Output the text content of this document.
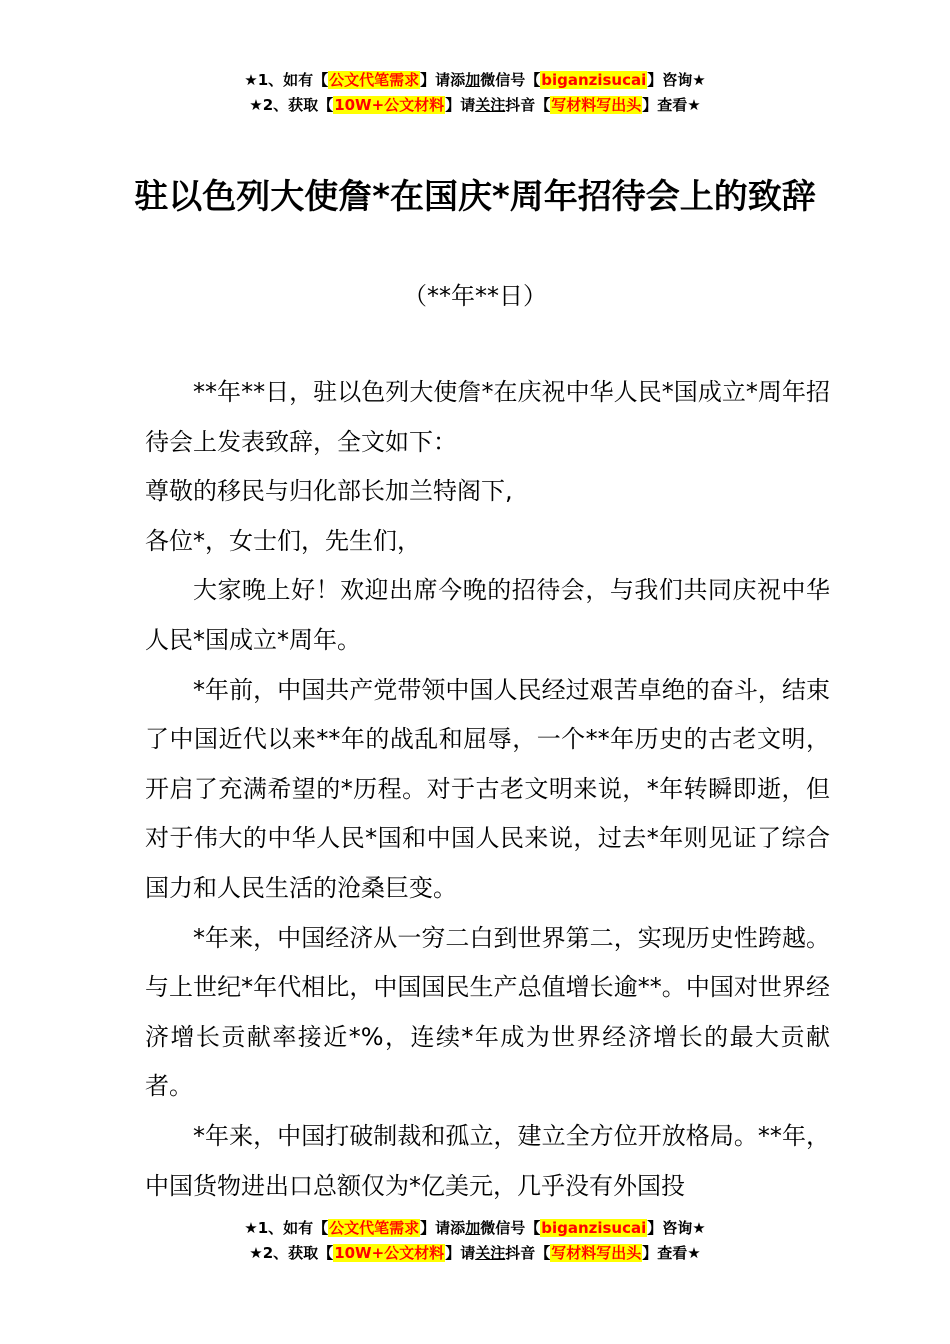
★1、如有【公文代笔需求】请添加微信号【biganzisucai】咨询★
★2、获取【10W+公文材料】请关注抖音【写材料写出头】查看★
驻以色列大使詹*在国庆*周年招待会上的致辞
（**年**日）

**年**日，驻以色列大使詹*在庆祝中华人民*国成立*周年招待会上发表致辞，全文如下：

尊敬的移民与归化部长加兰特阁下,

各位*，女士们，先生们，

大家晚上好！欢迎出席今晚的招待会，与我们共同庆祝中华人民*国成立*周年。

*年前，中国共产党带领中国人民经过艰苦卓绝的奋斗，结束了中国近代以来**年的战乱和屈辱，一个**年历史的古老文明，开启了充满希望的*历程。对于古老文明来说，*年转瞬即逝，但对于伟大的中华人民*国和中国人民来说，过去*年则见证了综合国力和人民生活的沧桑巨变。

*年来，中国经济从一穷二白到世界第二，实现历史性跨越。与上世纪*年代相比，中国国民生产总值增长逾**。中国对世界经济增长贡献率接近*%，连续*年成为世界经济增长的最大贡献者。

*年来，中国打破制裁和孤立，建立全方位开放格局。**年，中国货物进出口总额仅为*亿美元，几乎没有外国投

★1、如有【公文代笔需求】请添加微信号【biganzisucai】咨询★
★2、获取【10W+公文材料】请关注抖音【写材料写出头】查看★
